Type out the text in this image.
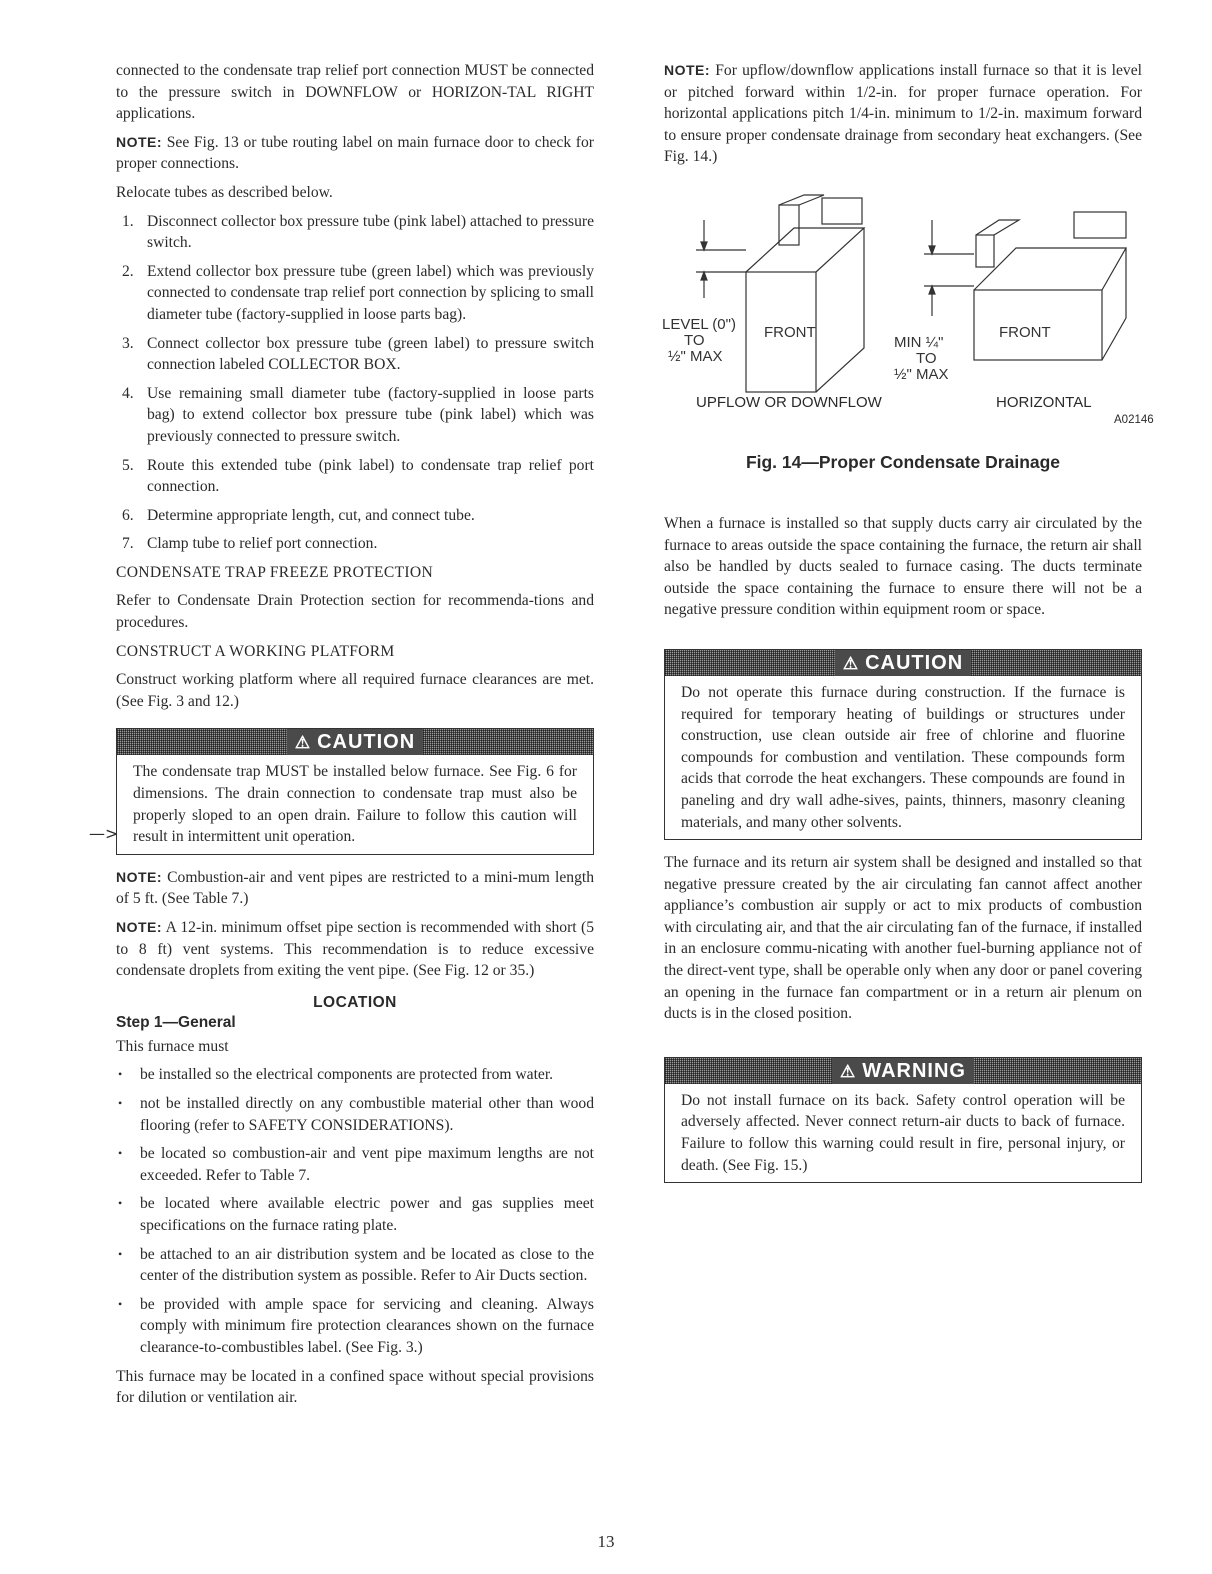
connected to the condensate trap relief port connection MUST be connected to the pressure switch in DOWNFLOW or HORIZON-TAL RIGHT applications.

NOTE: See Fig. 13 or tube routing label on main furnace door to check for proper connections.

Relocate tubes as described below.

1. Disconnect collector box pressure tube (pink label) attached to pressure switch.
2. Extend collector box pressure tube (green label) which was previously connected to condensate trap relief port connection by splicing to small diameter tube (factory-supplied in loose parts bag).
3. Connect collector box pressure tube (green label) to pressure switch connection labeled COLLECTOR BOX.
4. Use remaining small diameter tube (factory-supplied in loose parts bag) to extend collector box pressure tube (pink label) which was previously connected to pressure switch.
5. Route this extended tube (pink label) to condensate trap relief port connection.
6. Determine appropriate length, cut, and connect tube.
7. Clamp tube to relief port connection.
CONDENSATE TRAP FREEZE PROTECTION

Refer to Condensate Drain Protection section for recommenda-tions and procedures.

CONSTRUCT A WORKING PLATFORM

Construct working platform where all required furnace clearances are met. (See Fig. 3 and 12.)

—>
⚠ CAUTION

The condensate trap MUST be installed below furnace. See Fig. 6 for dimensions. The drain connection to condensate trap must also be properly sloped to an open drain. Failure to follow this caution will result in intermittent unit operation.

NOTE: Combustion-air and vent pipes are restricted to a mini-mum length of 5 ft. (See Table 7.)

NOTE: A 12-in. minimum offset pipe section is recommended with short (5 to 8 ft) vent systems. This recommendation is to reduce excessive condensate droplets from exiting the vent pipe. (See Fig. 12 or 35.)

LOCATION
Step 1—General

This furnace must

• be installed so the electrical components are protected from water.
• not be installed directly on any combustible material other than wood flooring (refer to SAFETY CONSIDERATIONS).
• be located so combustion-air and vent pipe maximum lengths are not exceeded. Refer to Table 7.
• be located where available electric power and gas supplies meet specifications on the furnace rating plate.
• be attached to an air distribution system and be located as close to the center of the distribution system as possible. Refer to Air Ducts section.
• be provided with ample space for servicing and cleaning. Always comply with minimum fire protection clearances shown on the furnace clearance-to-combustibles label. (See Fig. 3.)

This furnace may be located in a confined space without special provisions for dilution or ventilation air.

NOTE: For upflow/downflow applications install furnace so that it is level or pitched forward within 1/2-in. for proper furnace operation. For horizontal applications pitch 1/4-in. minimum to 1/2-in. maximum forward to ensure proper condensate drainage from secondary heat exchangers. (See Fig. 14.)

FRONT
LEVEL (0")
TO
½" MAX
FRONT
MIN ¼"
TO
½" MAX
UPFLOW OR DOWNFLOW	HORIZONTAL
A02146
Fig. 14—Proper Condensate Drainage

When a furnace is installed so that supply ducts carry air circulated by the furnace to areas outside the space containing the furnace, the return air shall also be handled by ducts sealed to furnace casing. The ducts terminate outside the space containing the furnace to ensure there will not be a negative pressure condition within equipment room or space.

⚠ CAUTION

Do not operate this furnace during construction. If the furnace is required for temporary heating of buildings or structures under construction, use clean outside air free of chlorine and fluorine compounds for combustion and ventilation. These compounds form acids that corrode the heat exchangers. These compounds are found in paneling and dry wall adhe-sives, paints, thinners, masonry cleaning materials, and many other solvents.

The furnace and its return air system shall be designed and installed so that negative pressure created by the air circulating fan cannot affect another appliance’s combustion air supply or act to mix products of combustion with circulating air, and that the air circulating fan of the furnace, if installed in an enclosure commu-nicating with another fuel-burning appliance not of the direct-vent type, shall be operable only when any door or panel covering an opening in the furnace fan compartment or in a return air plenum on ducts is in the closed position.

⚠ WARNING

Do not install furnace on its back. Safety control operation will be adversely affected. Never connect return-air ducts to back of furnace. Failure to follow this warning could result in fire, personal injury, or death. (See Fig. 15.)

13
